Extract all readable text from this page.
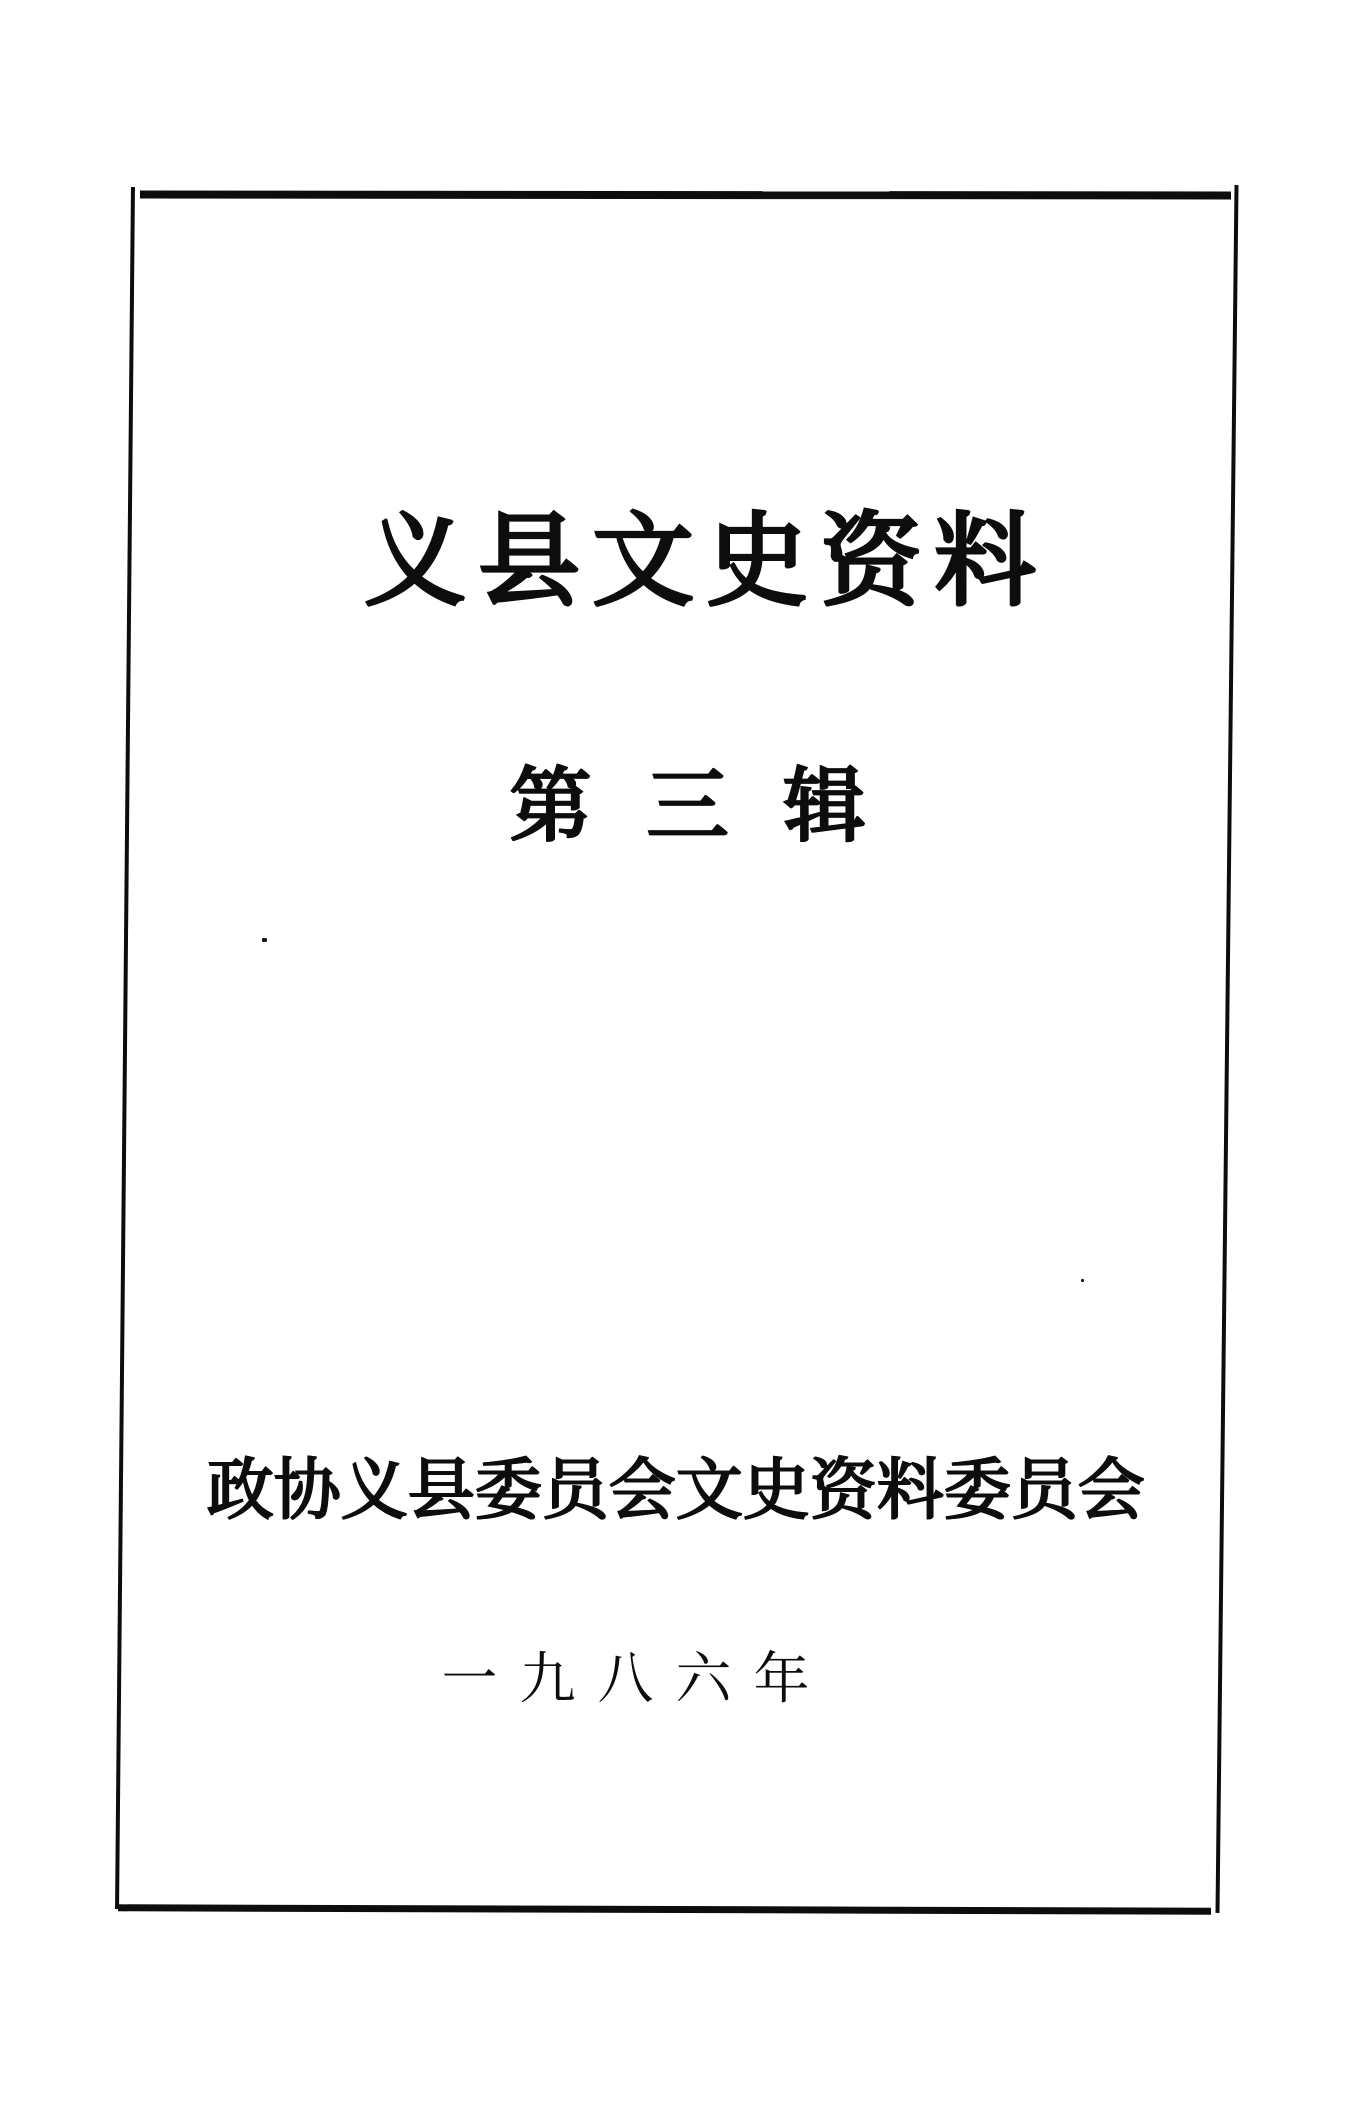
义县文史资料
第三辑
政协义县委员会文史资料委员会
一九八六年
